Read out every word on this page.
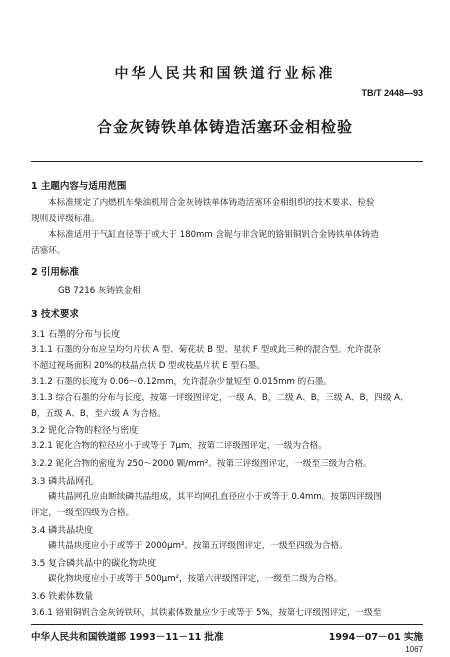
中华人民共和国铁道行业标准
TB/T 2448—93
合金灰铸铁单体铸造活塞环金相检验
1 主题内容与适用范围
本标准规定了内燃机车柴油机用合金灰铸铁单体铸造活塞环金相组织的技术要求、检验
规则及评级标准。
本标准适用于气缸直径等于或大于 180mm 含铌与非含铌的铬钼铜钒合金铸铁单体铸造
活塞环。
2 引用标准
GB 7216 灰铸铁金相
3 技术要求
3.1 石墨的分布与长度
3.1.1 石墨的分布应呈均匀片状 A 型、菊花状 B 型、星状 F 型或此三种的混合型。允许混杂
不超过视场面积 20%的枝晶点状 D 型或枝晶片状 E 型石墨。
3.1.2 石墨的长度为 0.06～0.12mm，允许混杂少量短至 0.015mm 的石墨。
3.1.3 综合石墨的分布与长度，按第一评级图评定，一级 A、B，二级 A、B，三级 A、B，四级 A、
B，五级 A、B，至六级 A 为合格。
3.2 铌化合物的粒径与密度
3.2.1 铌化合物的粒径应小于或等于 7μm，按第二评级图评定，一级为合格。
3.2.2 铌化合物的密度为 250～2000 颗/mm²。按第三评级图评定，一级至三级为合格。
3.3 磷共晶网孔
磷共晶网孔应由断续磷共晶组成，其平均网孔直径应小于或等于 0.4mm。按第四评级图
评定，一级至四级为合格。
3.4 磷共晶块度
磷共晶块度应小于或等于 2000μm²。按第五评级图评定，一级至四级为合格。
3.5 复合磷共晶中的碳化物块度
碳化物块度应小于或等于 500μm²，按第六评级图评定，一级至二级为合格。
3.6 铁素体数量
3.6.1 铬钼铜钒合金灰铸铁环，其铁素体数量应少于或等于 5%，按第七评级图评定，一级至
中华人民共和国铁道部 1993－11－11 批准	1994－07－01 实施
1067
